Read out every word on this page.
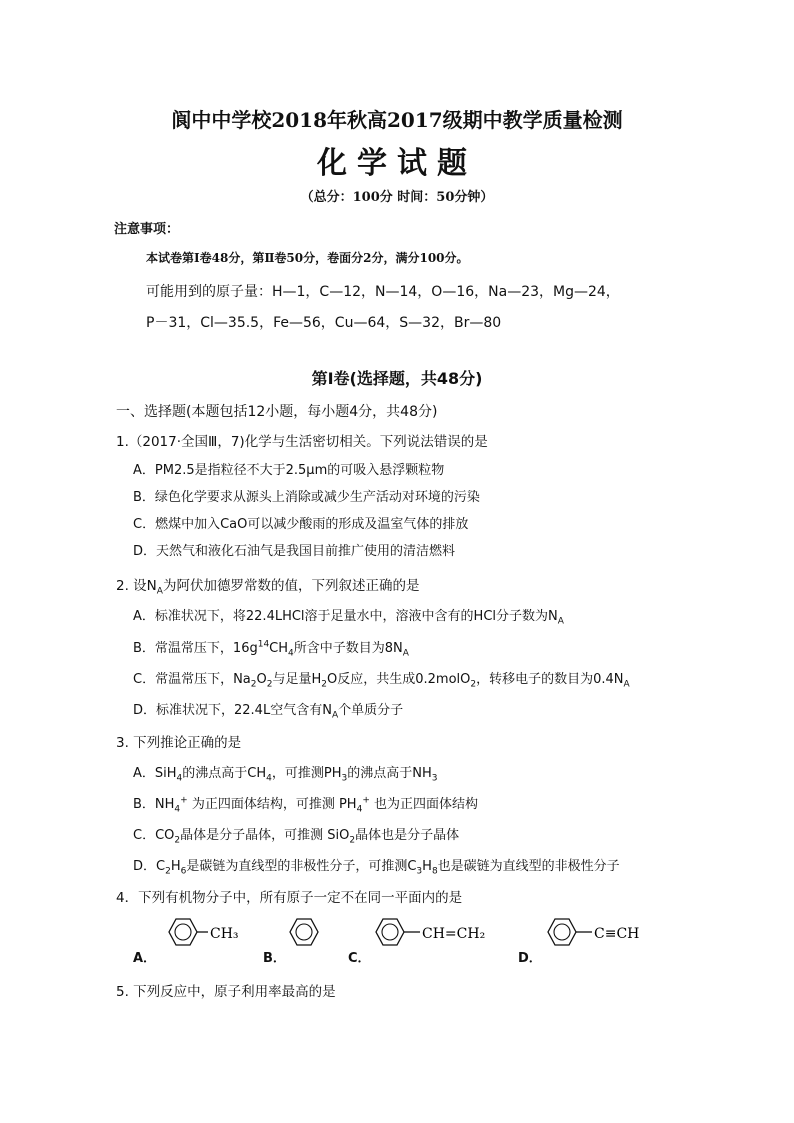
阆中中学校2018年秋高2017级期中教学质量检测
化学试题
（总分：100分 时间：50分钟）
注意事项：
本试卷第Ⅰ卷48分，第Ⅱ卷50分，卷面分2分，满分100分。
可能用到的原子量：H—1，C—12，N—14，O—16，Na—23，Mg—24，
P－31，Cl—35.5，Fe—56，Cu—64，S—32，Br—80
第Ⅰ卷(选择题，共48分)
一、选择题(本题包括12小题，每小题4分，共48分)
1.（2017·全国Ⅲ，7)化学与生活密切相关。下列说法错误的是
A．PM2.5是指粒径不大于2.5μm的可吸入悬浮颗粒物
B．绿色化学要求从源头上消除或减少生产活动对环境的污染
C．燃煤中加入CaO可以减少酸雨的形成及温室气体的排放
D．天然气和液化石油气是我国目前推广使用的清洁燃料
2. 设$N_A$为阿伏加德罗常数的值，下列叙述正确的是
A．标准状况下，将22.4LHCl溶于足量水中，溶液中含有的HCl分子数为$N_A$
B．常温常压下，$16g^{14}CH_4$所含中子数目为$8N_A$
C．常温常压下，$Na_2O_2$与足量$H_2O$反应，共生成0.2molO$_2$，转移电子的数目为$0.4N_A$
D．标准状况下，22.4L空气含有$N_A$个单质分子
3. 下列推论正确的是
A．SiH$_4$的沸点高于$CH_4$，可推测$PH_3$的沸点高于$NH_3$
B．$NH_4^+$ 为正四面体结构，可推测 $PH_4^+$ 也为正四面体结构
C．$CO_2$晶体是分子晶体，可推测 SiO$_2$晶体也是分子晶体
D．$C_2H_6$是碳链为直线型的非极性分子，可推测$C_3H_8$也是碳链为直线型的非极性分子
4．下列有机物分子中，所有原子一定不在同一平面内的是
A．
CH₃
B．	C．
CH=CH₂
D．
C≡CH
5. 下列反应中，原子利用率最高的是
